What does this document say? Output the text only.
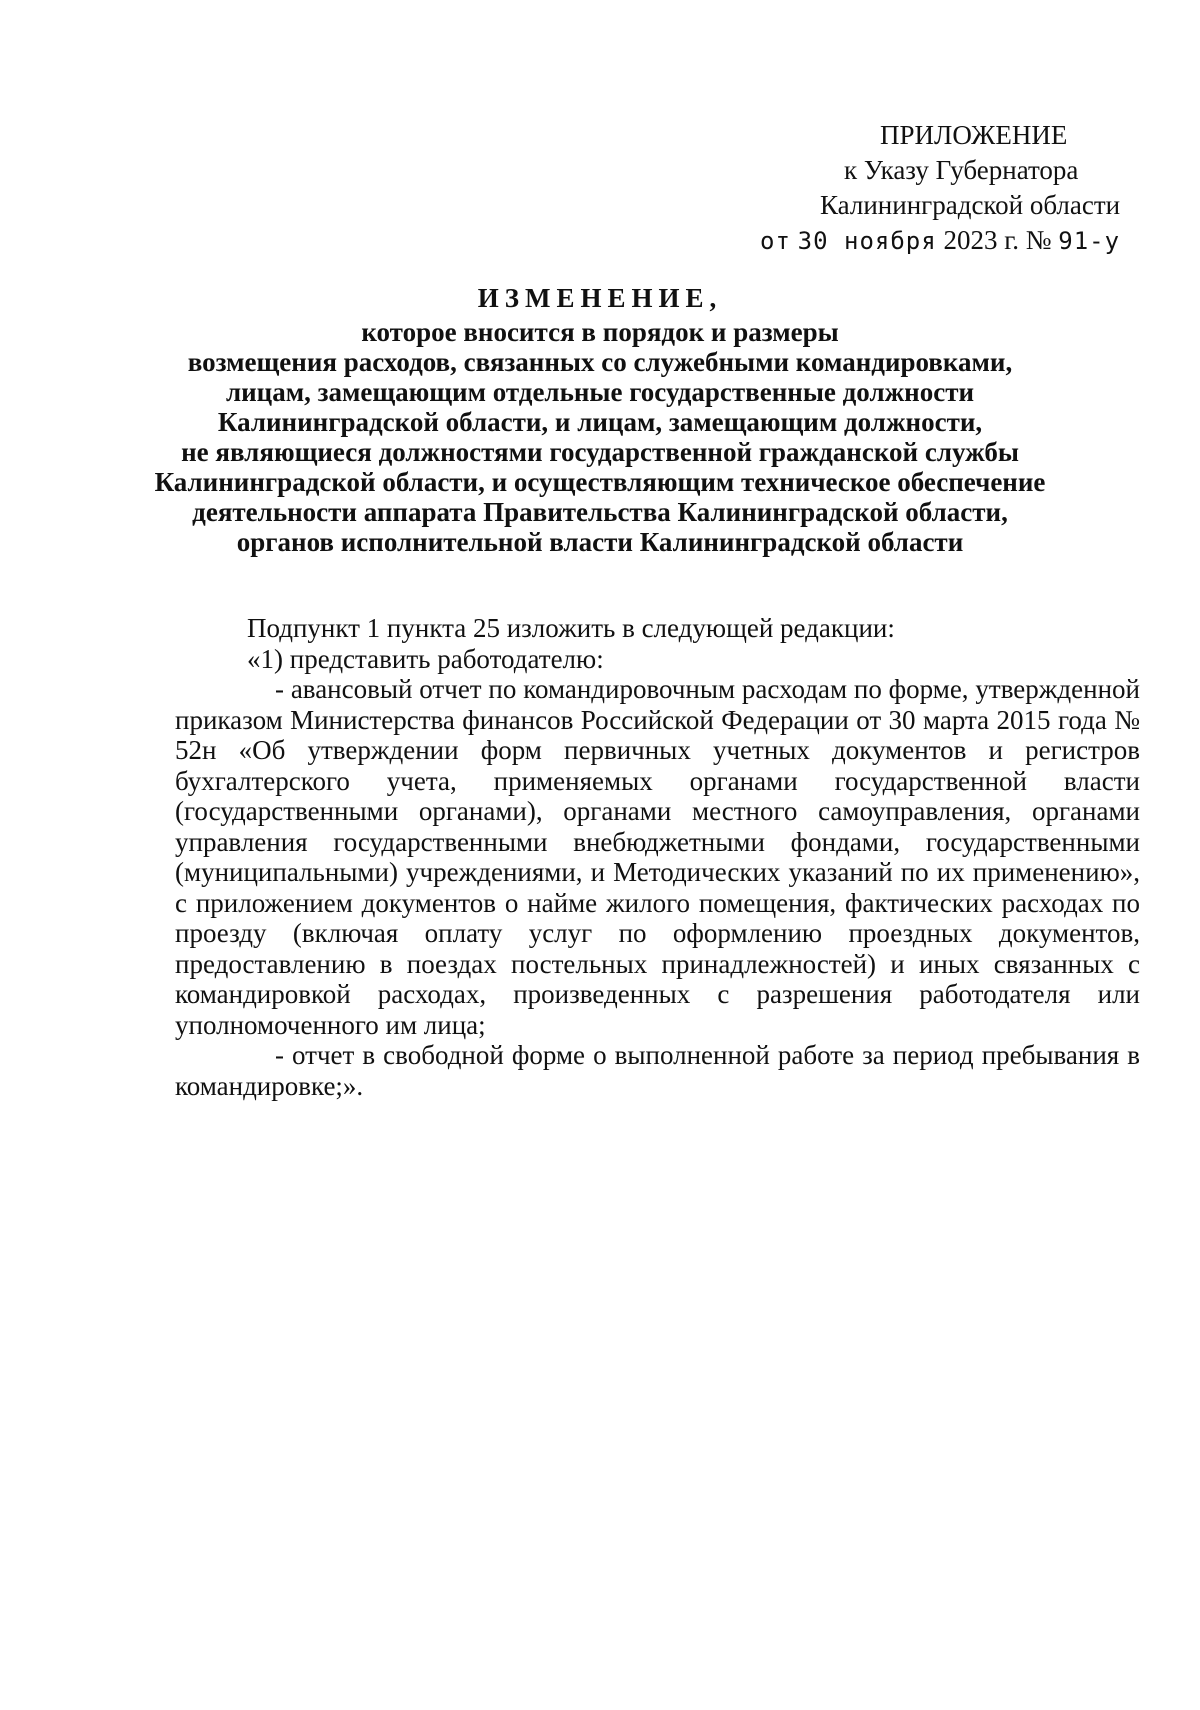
ПРИЛОЖЕНИЕ
к Указу Губернатора
Калининградской области
от 30 ноября 2023 г. № 91-у
ИЗМЕНЕНИЕ,
которое вносится в порядок и размеры
возмещения расходов, связанных со служебными командировками,
лицам, замещающим отдельные государственные должности
Калининградской области, и лицам, замещающим должности,
не являющиеся должностями государственной гражданской службы
Калининградской области, и осуществляющим техническое обеспечение
деятельности аппарата Правительства Калининградской области,
органов исполнительной власти Калининградской области

Подпункт 1 пункта 25 изложить в следующей редакции:

«1) представить работодателю:

- авансовый отчет по командировочным расходам по форме, утвержденной приказом Министерства финансов Российской Федерации от 30 марта 2015 года № 52н «Об утверждении форм первичных учетных документов и регистров бухгалтерского учета, применяемых органами государственной власти (государственными органами), органами местного самоуправления, органами управления государственными внебюджетными фондами, государственными (муниципальными) учреждениями, и Методических указаний по их применению», с приложением документов о найме жилого помещения, фактических расходах по проезду (включая оплату услуг по оформлению проездных документов, предоставлению в поездах постельных принадлежностей) и иных связанных с командировкой расходах, произведенных с разрешения работодателя или уполномоченного им лица;

- отчет в свободной форме о выполненной работе за период пребывания в командировке;».
